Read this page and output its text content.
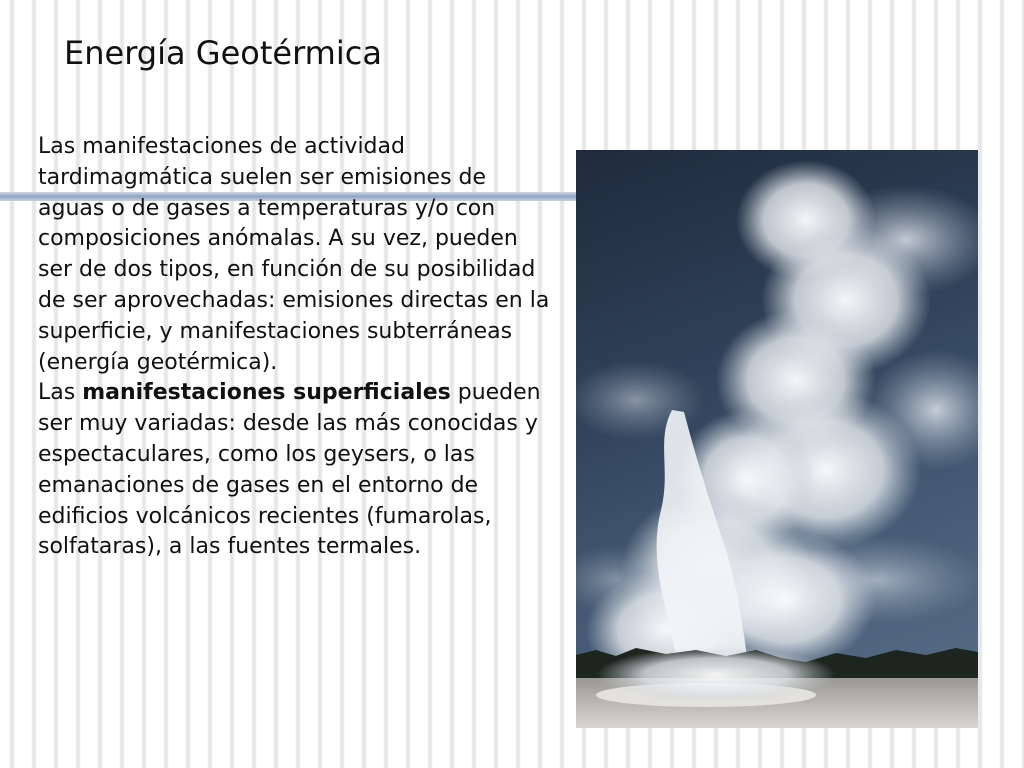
Energía Geotérmica

Las manifestaciones de actividad tardimagmática suelen ser emisiones de aguas o de gases a temperaturas y/o con composiciones anómalas. A su vez, pueden ser de dos tipos, en función de su posibilidad de ser aprovechadas: emisiones directas en la superficie, y manifestaciones subterráneas (energía geotérmica).

Las manifestaciones superficiales pueden ser muy variadas: desde las más conocidas y espectaculares, como los geysers, o las emanaciones de gases en el entorno de edificios volcánicos recientes (fumarolas, solfataras), a las fuentes termales.
